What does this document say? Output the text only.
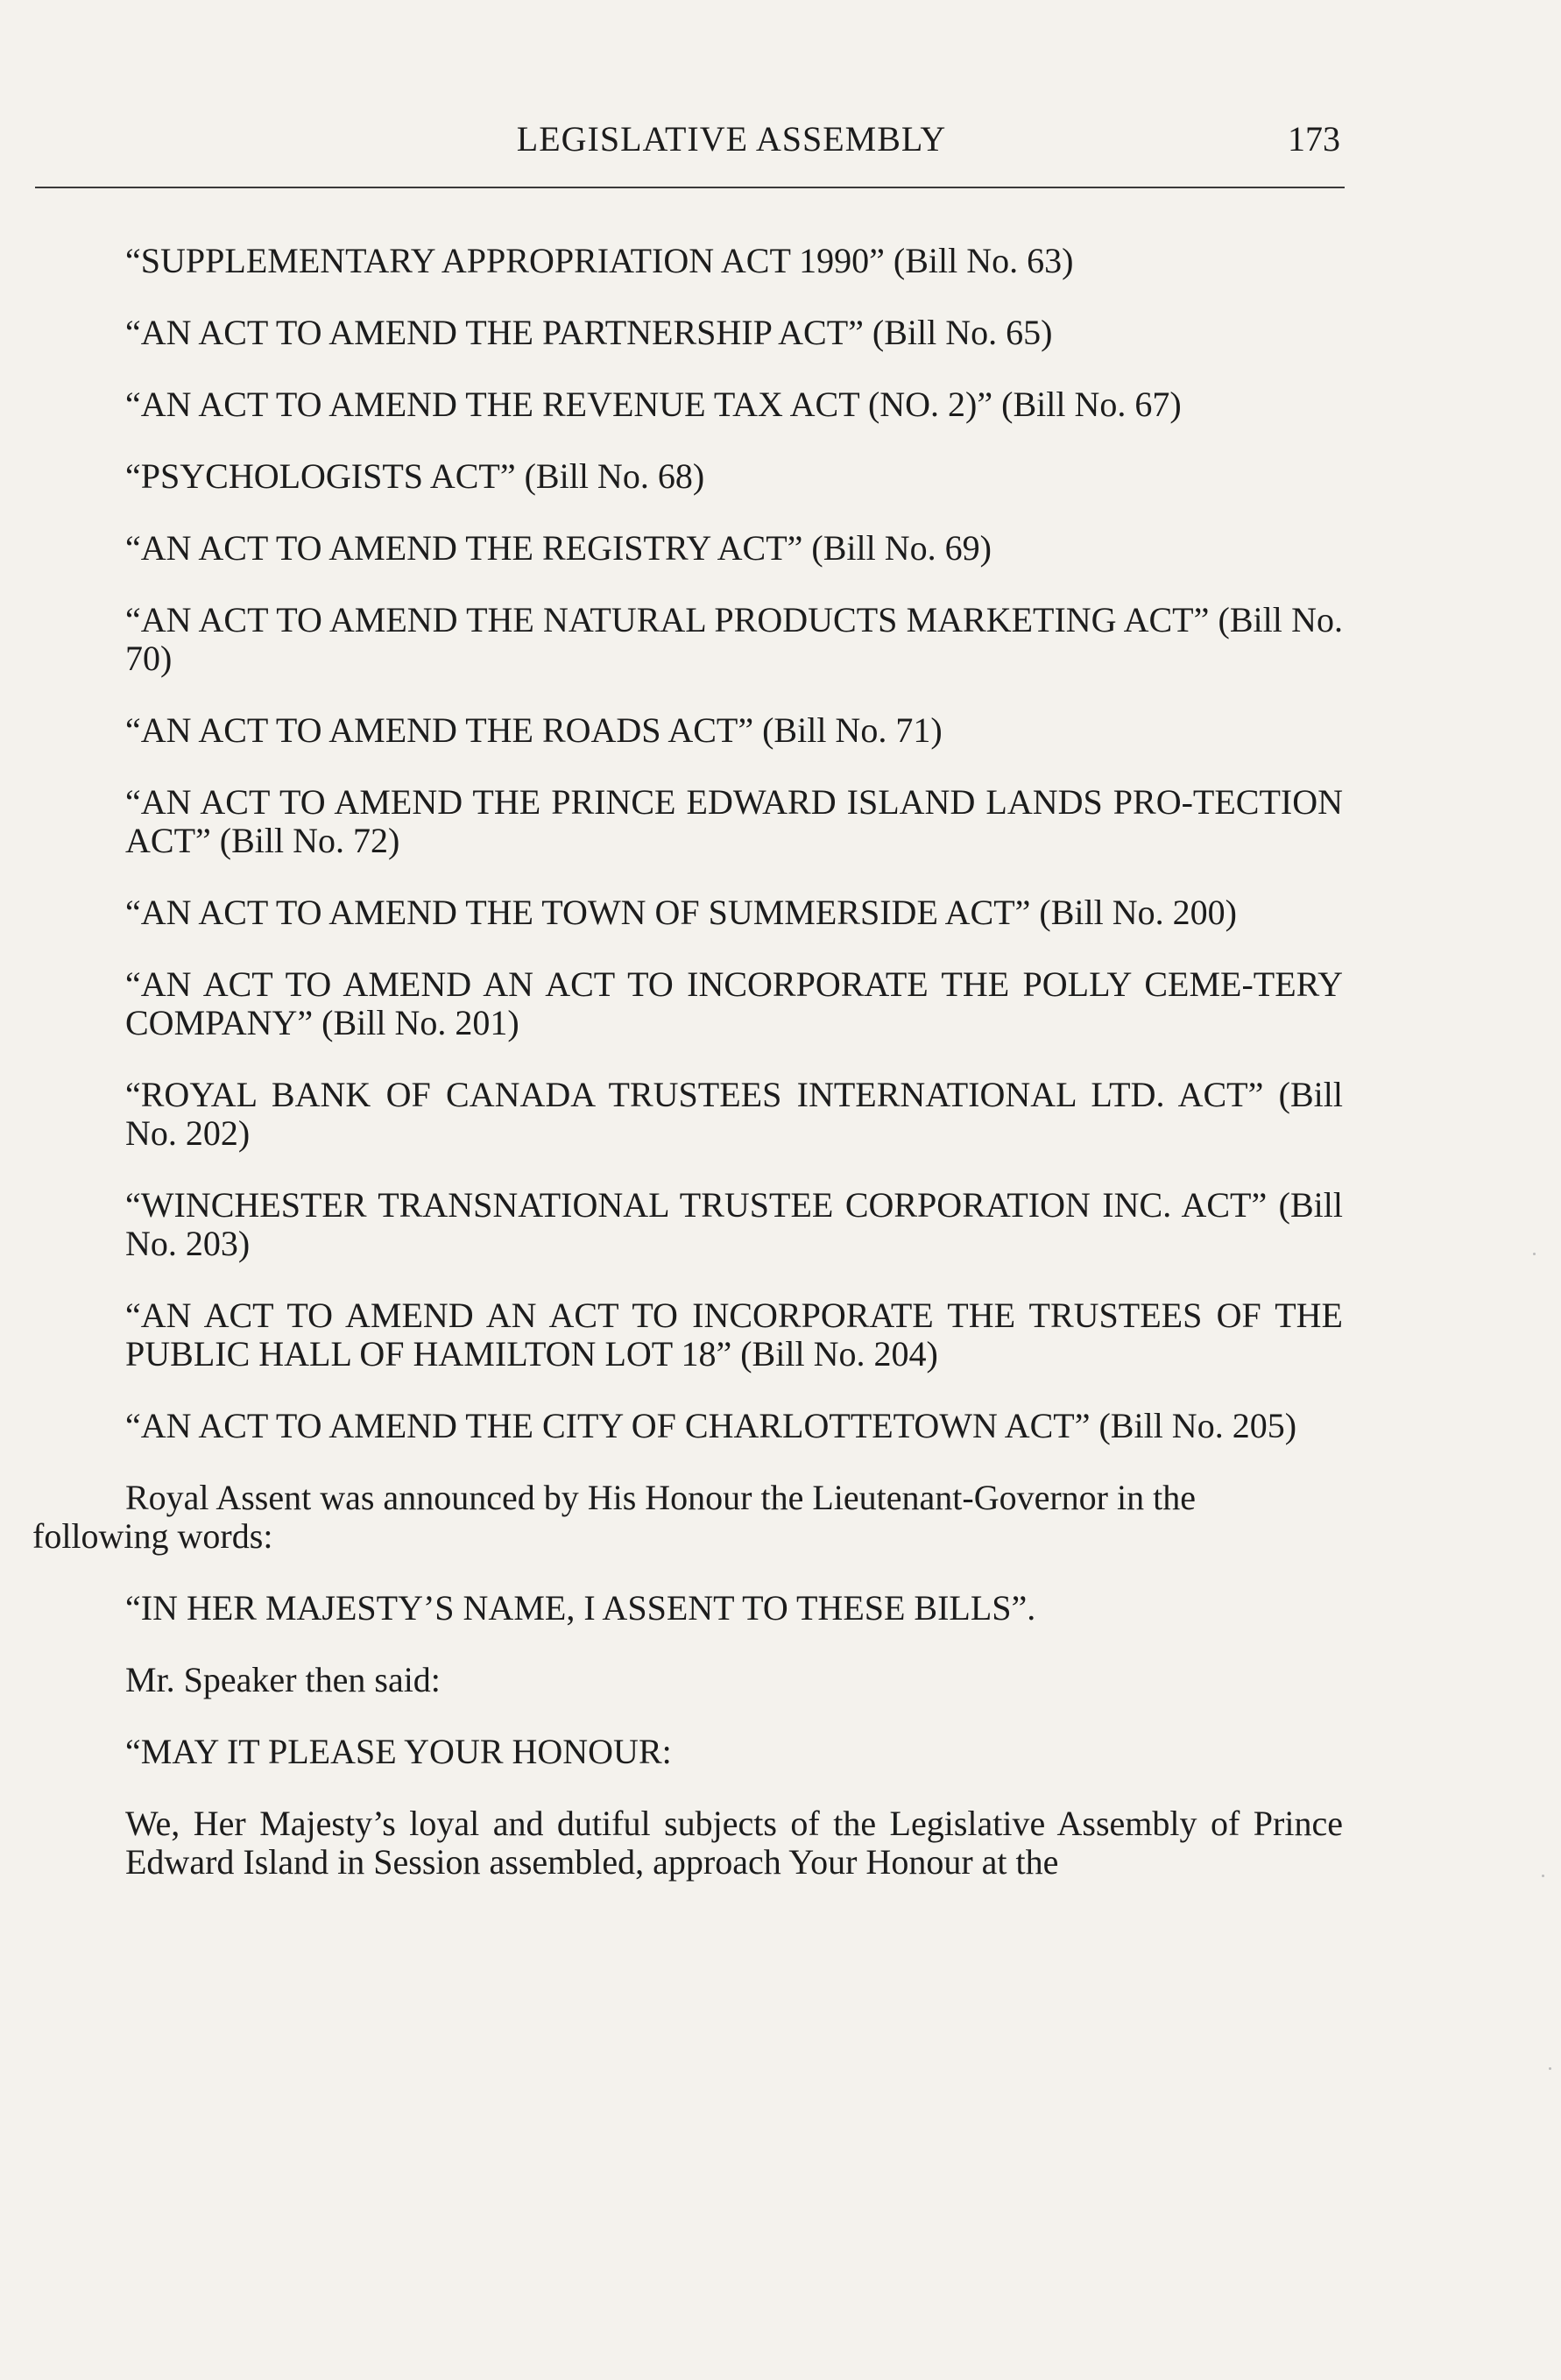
LEGISLATIVE ASSEMBLY	173

“SUPPLEMENTARY APPROPRIATION ACT 1990” (Bill No. 63)

“AN ACT TO AMEND THE PARTNERSHIP ACT” (Bill No. 65)

“AN ACT TO AMEND THE REVENUE TAX ACT (NO. 2)” (Bill No. 67)

“PSYCHOLOGISTS ACT” (Bill No. 68)

“AN ACT TO AMEND THE REGISTRY ACT” (Bill No. 69)

“AN ACT TO AMEND THE NATURAL PRODUCTS MARKETING ACT” (Bill No. 70)

“AN ACT TO AMEND THE ROADS ACT” (Bill No. 71)

“AN ACT TO AMEND THE PRINCE EDWARD ISLAND LANDS PRO-TECTION ACT” (Bill No. 72)

“AN ACT TO AMEND THE TOWN OF SUMMERSIDE ACT” (Bill No. 200)

“AN ACT TO AMEND AN ACT TO INCORPORATE THE POLLY CEME-TERY COMPANY” (Bill No. 201)

“ROYAL BANK OF CANADA TRUSTEES INTERNATIONAL LTD. ACT” (Bill No. 202)

“WINCHESTER TRANSNATIONAL TRUSTEE CORPORATION INC. ACT” (Bill No. 203)

“AN ACT TO AMEND AN ACT TO INCORPORATE THE TRUSTEES OF THE PUBLIC HALL OF HAMILTON LOT 18” (Bill No. 204)

“AN ACT TO AMEND THE CITY OF CHARLOTTETOWN ACT” (Bill No. 205)

Royal Assent was announced by His Honour the Lieutenant-Governor in the
following words:

“IN HER MAJESTY’S NAME, I ASSENT TO THESE BILLS”.

Mr. Speaker then said:

“MAY IT PLEASE YOUR HONOUR:

We, Her Majesty’s loyal and dutiful subjects of the Legislative Assembly of Prince Edward Island in Session assembled, approach Your Honour at the
